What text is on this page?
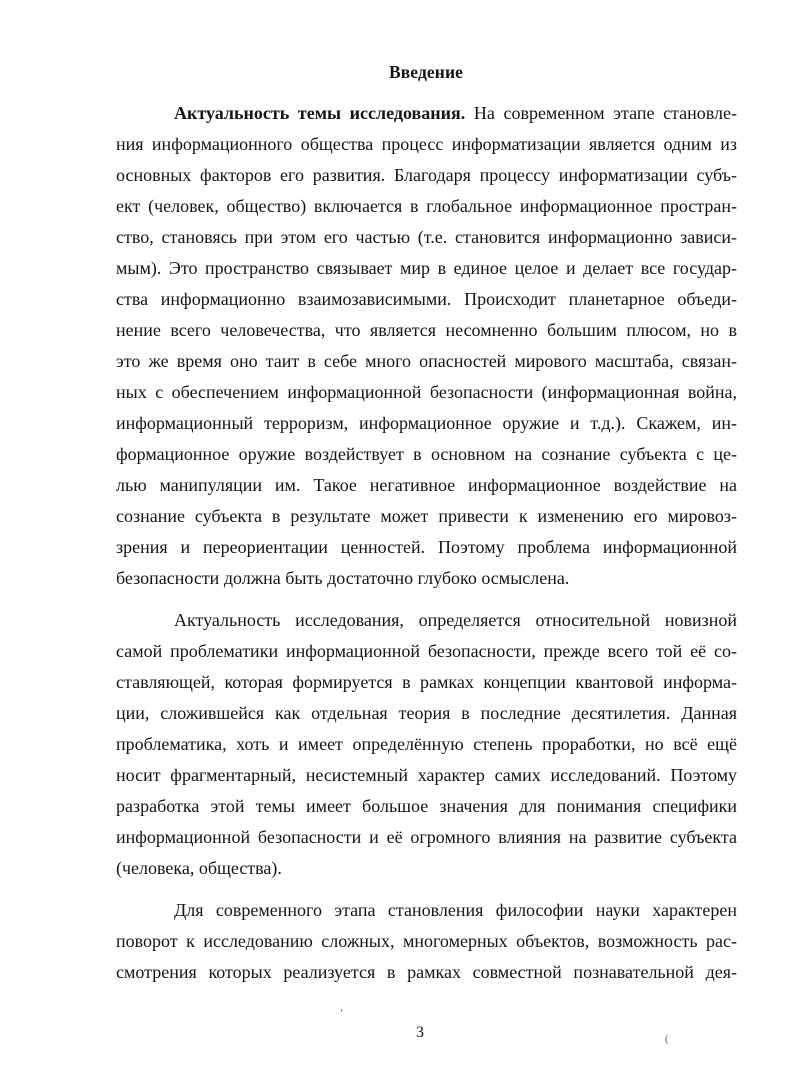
Введение
Актуальность темы исследования. На современном этапе становле-
ния информационного общества процесс информатизации является одним из
основных факторов его развития. Благодаря процессу информатизации субъ-
ект (человек, общество) включается в глобальное информационное простран-
ство, становясь при этом его частью (т.е. становится информационно зависи-
мым). Это пространство связывает мир в единое целое и делает все государ-
ства информационно взаимозависимыми. Происходит планетарное объеди-
нение всего человечества, что является несомненно большим плюсом, но в
это же время оно таит в себе много опасностей мирового масштаба, связан-
ных с обеспечением информационной безопасности (информационная война,
информационный терроризм, информационное оружие и т.д.). Скажем, ин-
формационное оружие воздействует в основном на сознание субъекта с це-
лью манипуляции им. Такое негативное информационное воздействие на
сознание субъекта в результате может привести к изменению его мировоз-
зрения и переориентации ценностей. Поэтому проблема информационной
безопасности должна быть достаточно глубоко осмыслена.
Актуальность исследования, определяется относительной новизной
самой проблематики информационной безопасности, прежде всего той её со-
ставляющей, которая формируется в рамках концепции квантовой информа-
ции, сложившейся как отдельная теория в последние десятилетия. Данная
проблематика, хоть и имеет определённую степень проработки, но всё ещё
носит фрагментарный, несистемный характер самих исследований. Поэтому
разработка этой темы имеет большое значения для понимания специфики
информационной безопасности и её огромного влияния на развитие субъекта
(человека, общества).
Для современного этапа становления философии науки характерен
поворот к исследованию сложных, многомерных объектов, возможность рас-
смотрения которых реализуется в рамках совместной познавательной дея-
‘
3	(
